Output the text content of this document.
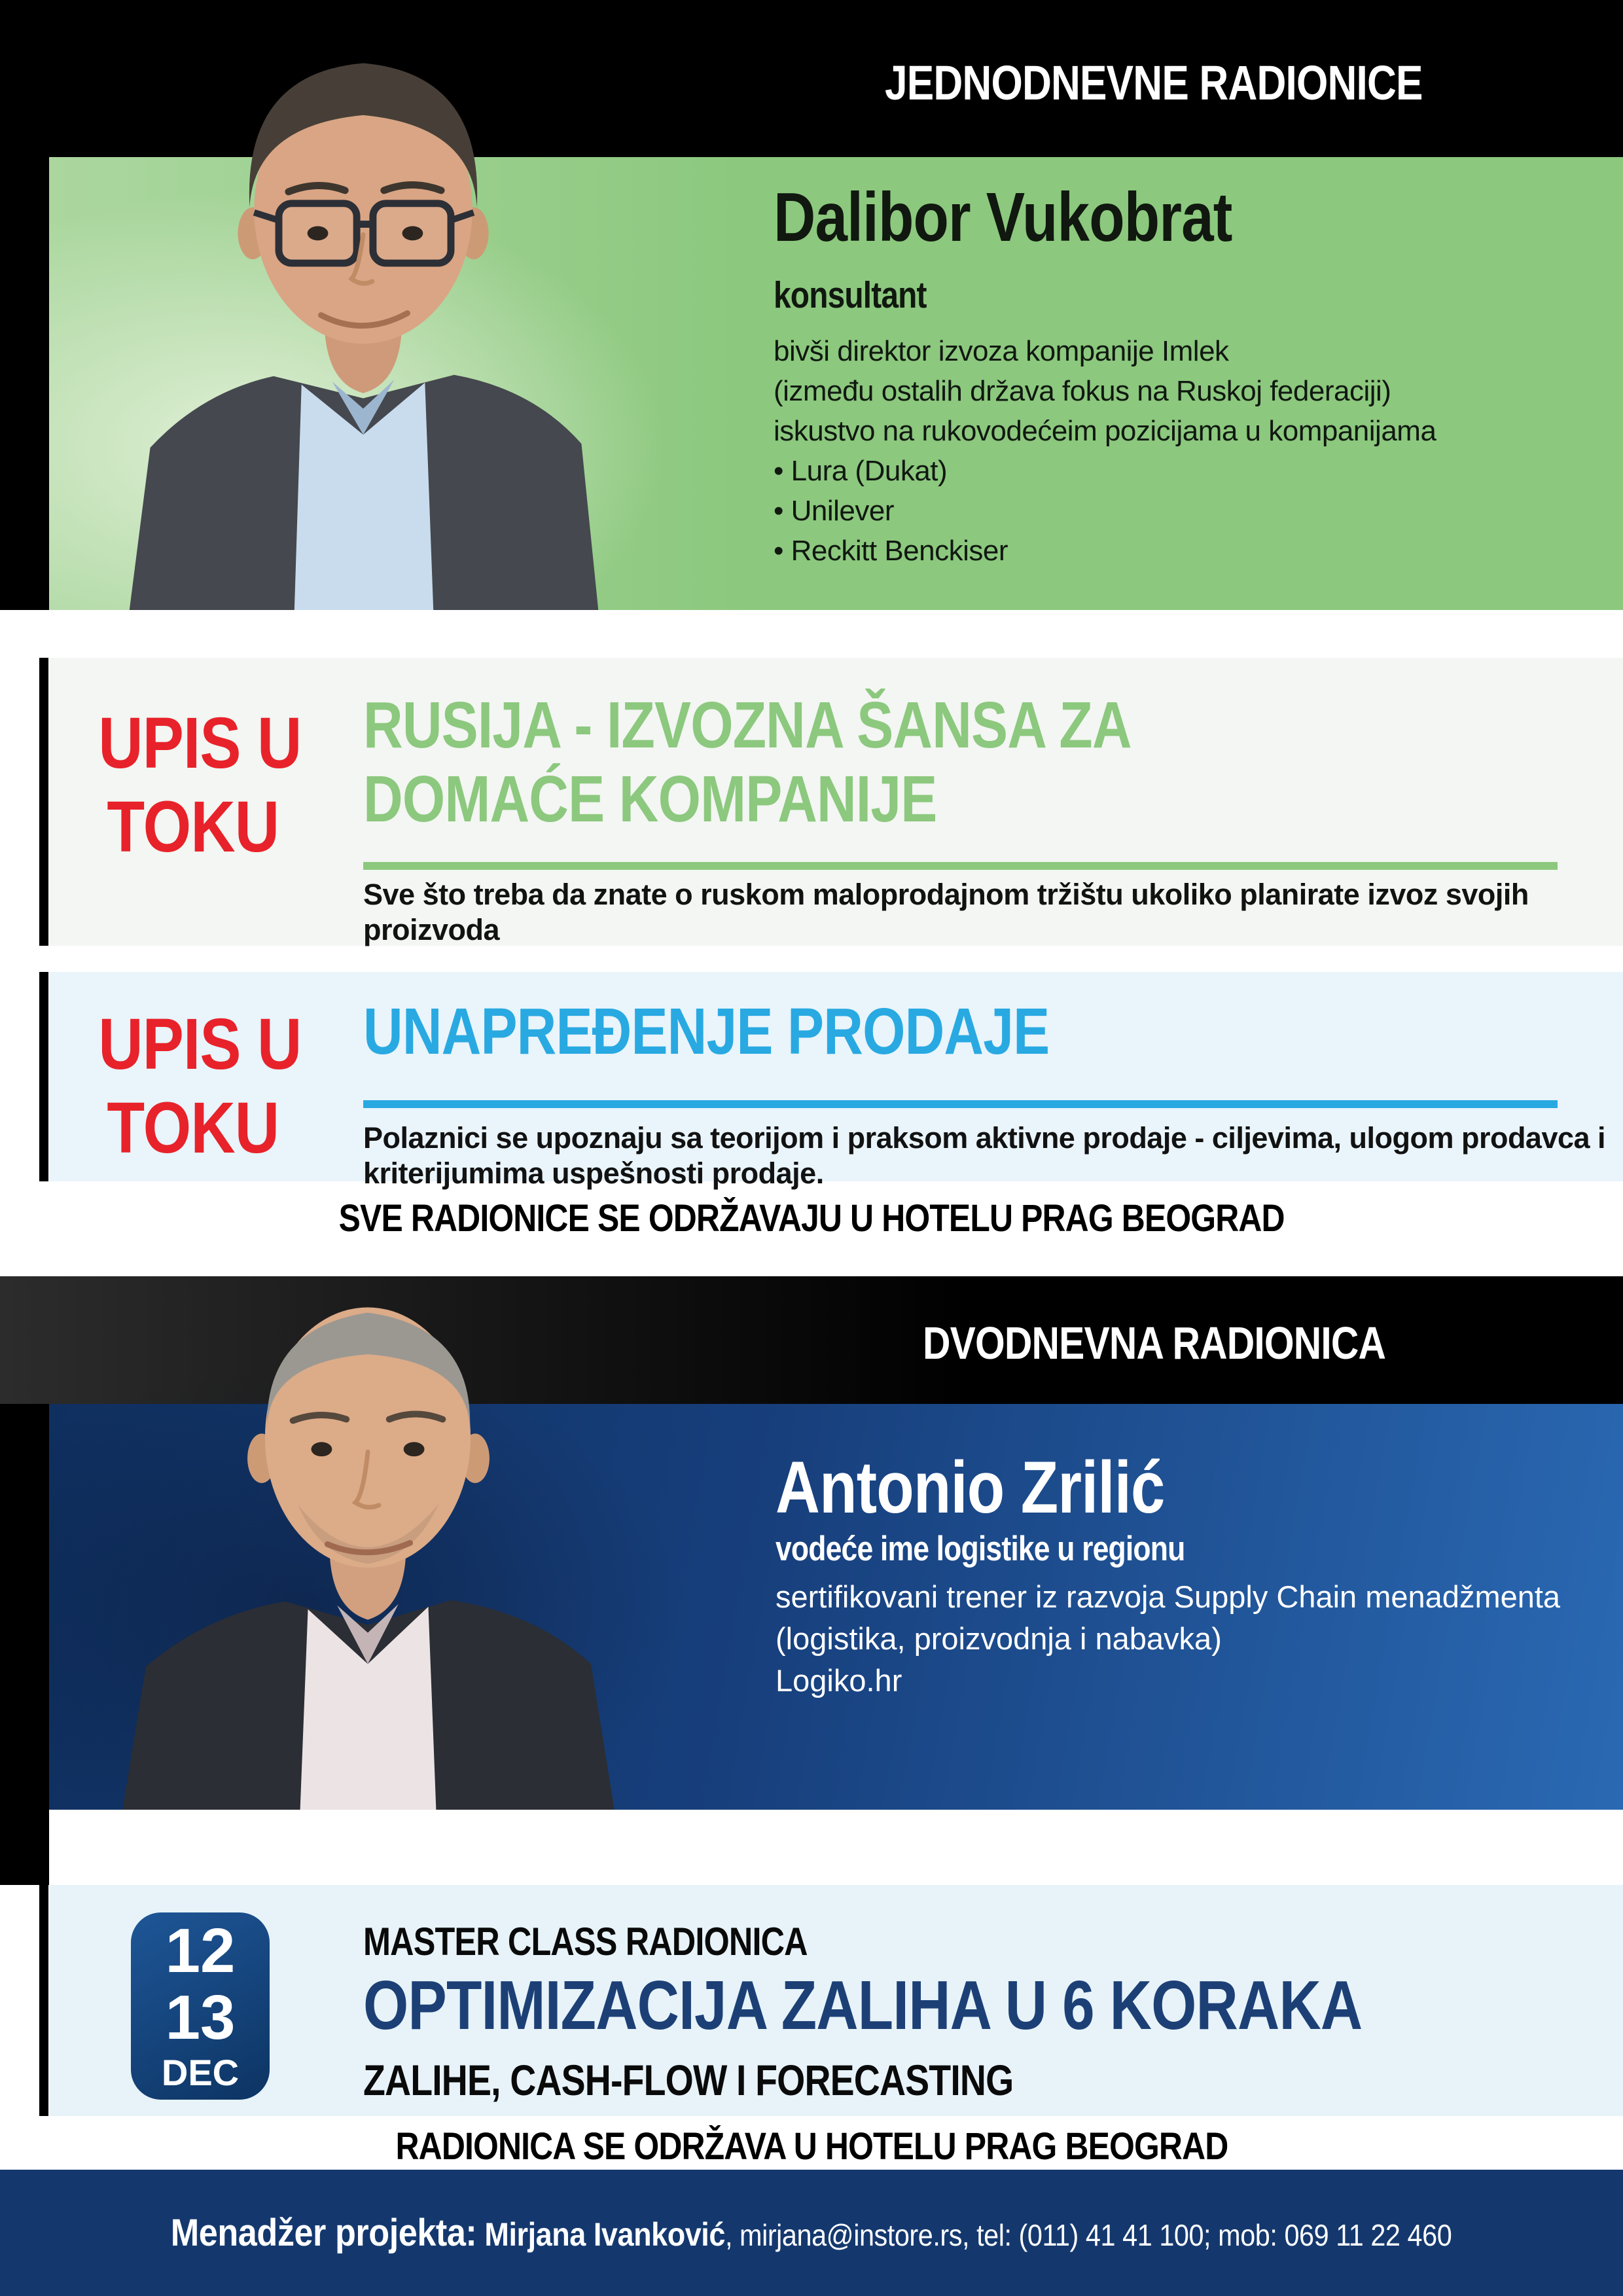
JEDNODNEVNE RADIONICE
Dalibor Vukobrat
konsultant
bivši direktor izvoza kompanije Imlek
(između ostalih država fokus na Ruskoj federaciji)
iskustvo na rukovodećeim pozicijama u kompanijama
• Lura (Dukat)
• Unilever
• Reckitt Benckiser
UPIS U
TOKU
RUSIJA - IZVOZNA ŠANSA ZA
DOMAĆE KOMPANIJE
Sve što treba da znate o ruskom maloprodajnom tržištu ukoliko planirate izvoz svojih proizvoda
UPIS U
TOKU
UNAPREĐENJE PRODAJE
Polaznici se upoznaju sa teorijom i praksom aktivne prodaje - ciljevima, ulogom prodavca i kriterijumima uspešnosti prodaje.
SVE RADIONICE SE ODRŽAVAJU U HOTELU PRAG BEOGRAD
DVODNEVNA RADIONICA
Antonio Zrilić
vodeće ime logistike u regionu
sertifikovani trener iz razvoja Supply Chain menadžmenta
(logistika, proizvodnja i nabavka)
Logiko.hr
12
13
DEC
MASTER CLASS RADIONICA
OPTIMIZACIJA ZALIHA U 6 KORAKA
ZALIHE, CASH-FLOW I FORECASTING
RADIONICA SE ODRŽAVA U HOTELU PRAG BEOGRAD
Menadžer projekta: Mirjana Ivanković , mirjana@instore.rs, tel: (011) 41 41 100; mob: 069 11 22 460
